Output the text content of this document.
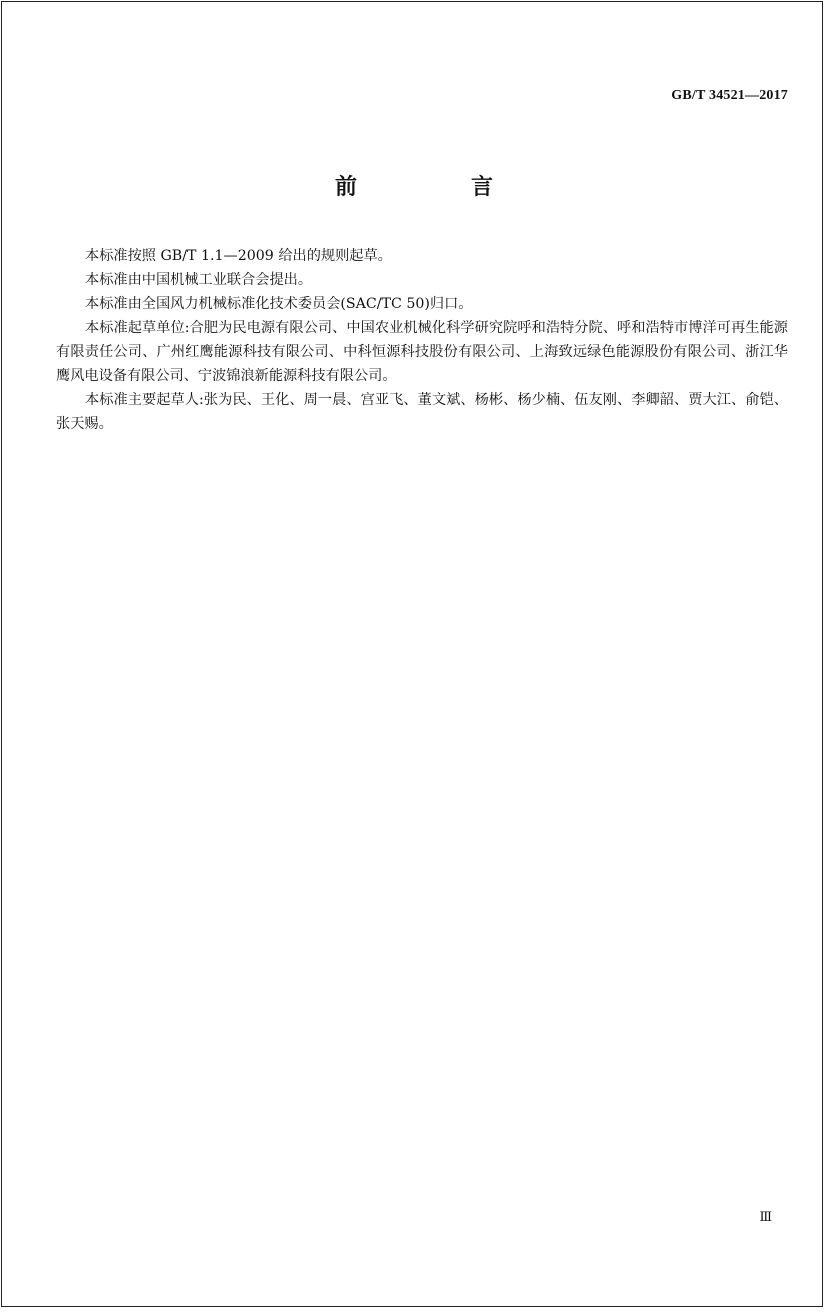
GB/T 34521—2017
前　言

本标准按照 GB/T 1.1—2009 给出的规则起草。

本标准由中国机械工业联合会提出。

本标准由全国风力机械标准化技术委员会(SAC/TC 50)归口。

本标准起草单位:合肥为民电源有限公司、中国农业机械化科学研究院呼和浩特分院、呼和浩特市博洋可再生能源有限责任公司、广州红鹰能源科技有限公司、中科恒源科技股份有限公司、上海致远绿色能源股份有限公司、浙江华鹰风电设备有限公司、宁波锦浪新能源科技有限公司。

本标准主要起草人:张为民、王化、周一晨、宫亚飞、董文斌、杨彬、杨少楠、伍友刚、李卿韶、贾大江、俞铠、张天赐。

Ⅲ
